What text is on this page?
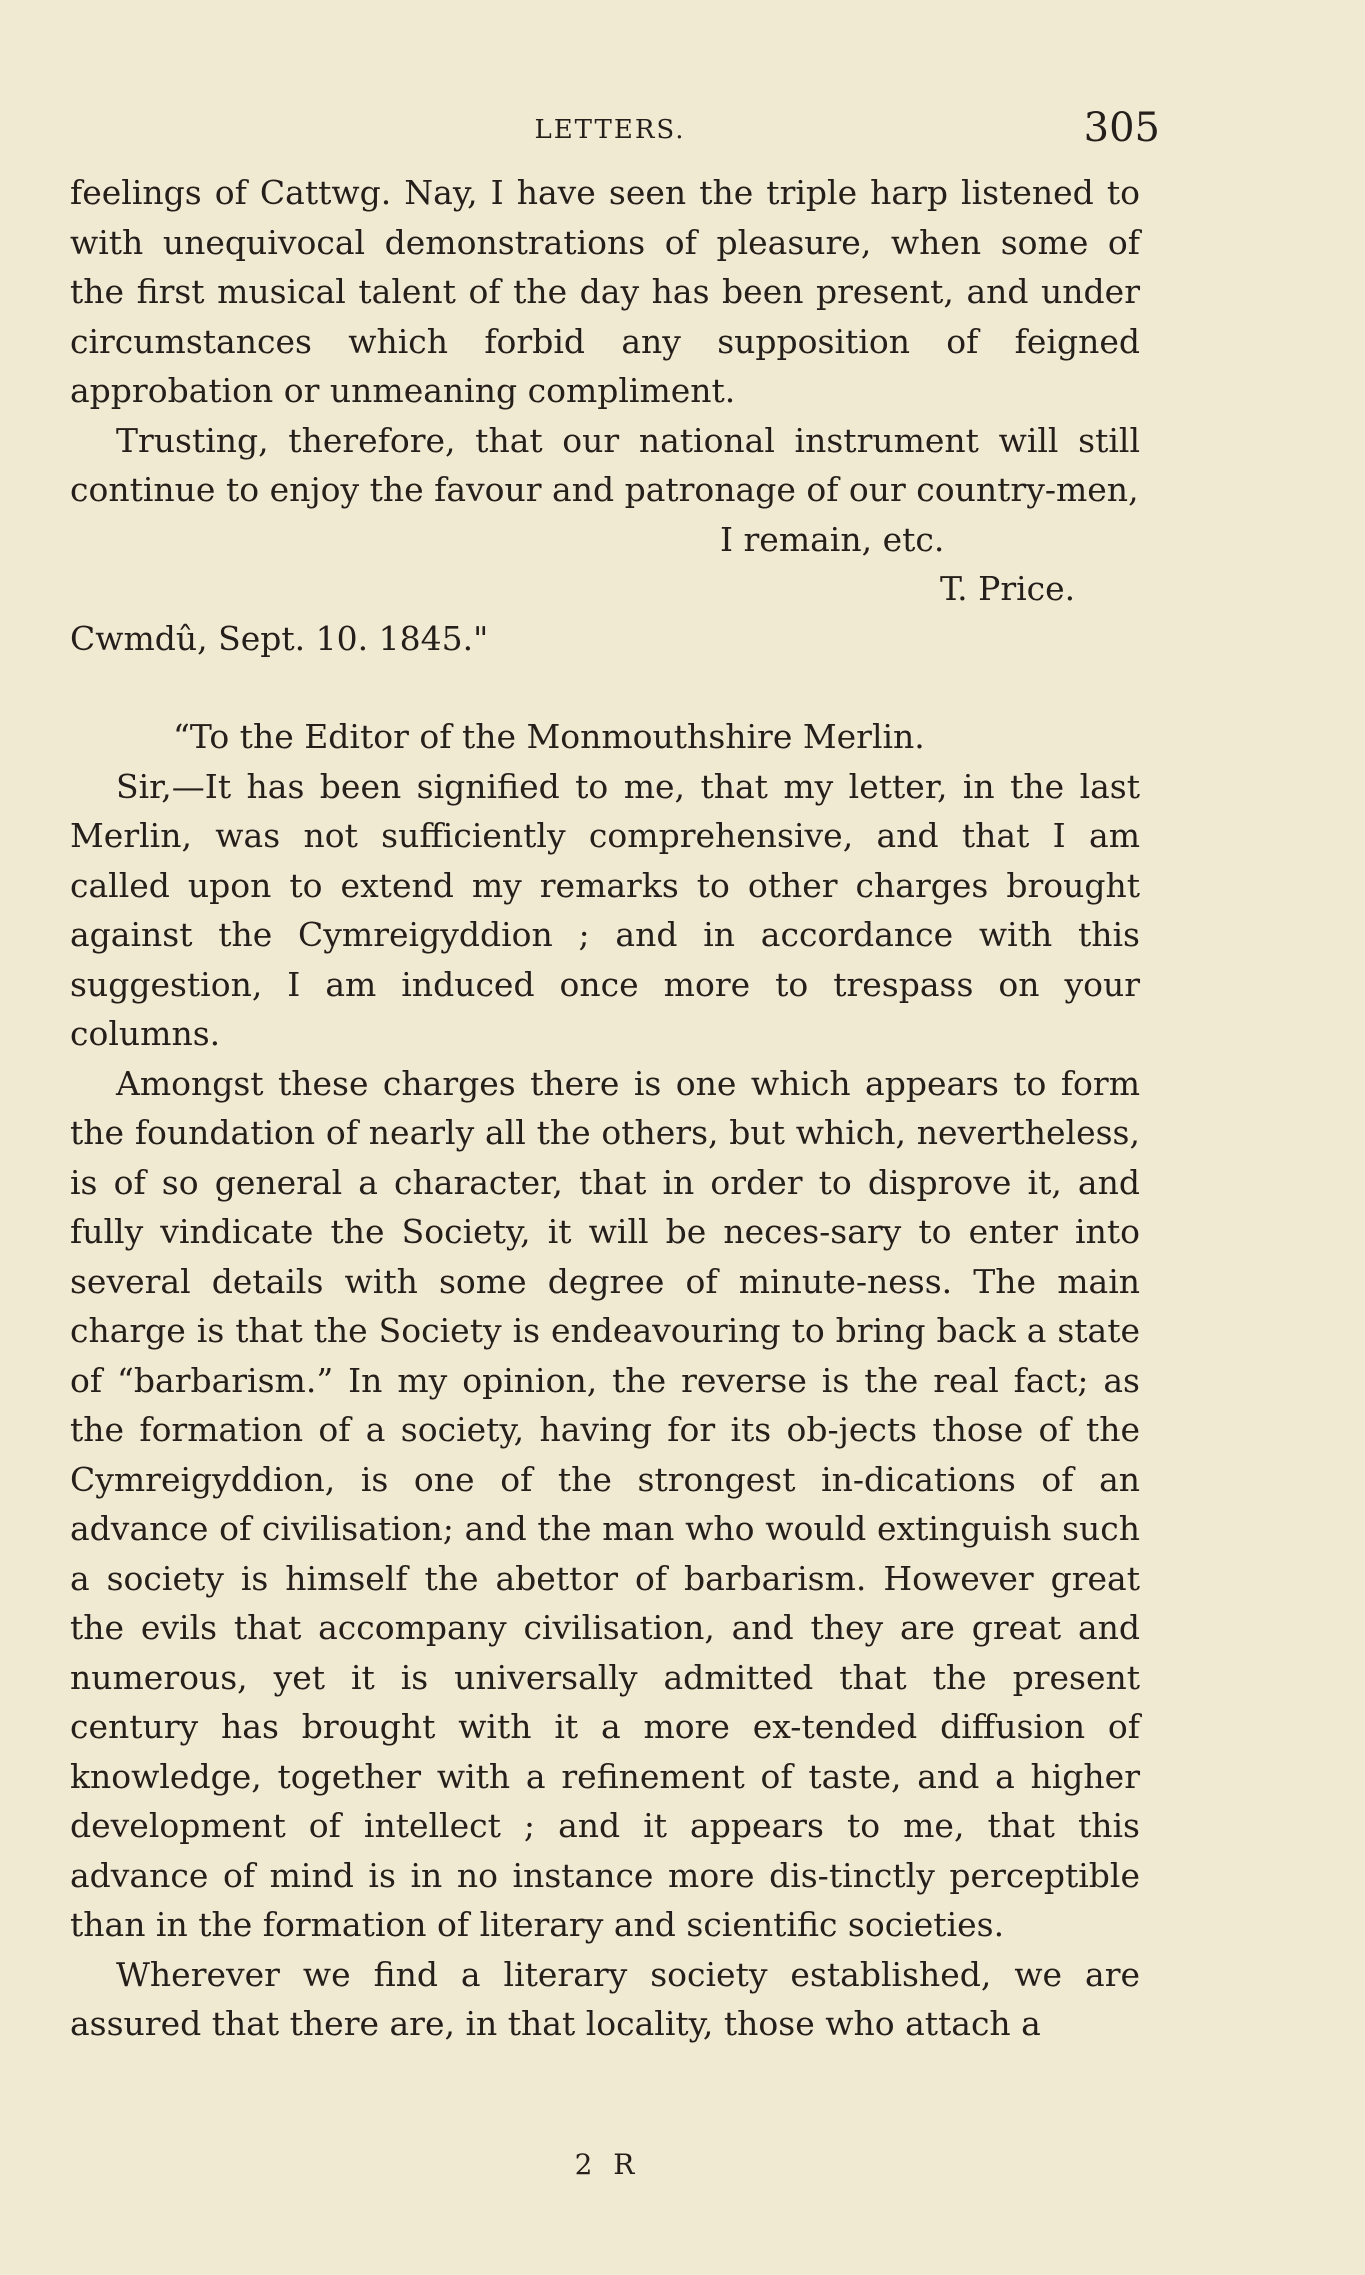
LETTERS.	305

feelings of Cattwg. Nay, I have seen the triple harp listened to with unequivocal demonstrations of pleasure, when some of the first musical talent of the day has been present, and under circumstances which forbid any supposition of feigned approbation or unmeaning compliment.

Trusting, therefore, that our national instrument will still continue to enjoy the favour and patronage of our country-men,

I remain, etc.

T. Price.

Cwmdû, Sept. 10. 1845."

“To the Editor of the Monmouthshire Merlin.

Sir,—It has been signified to me, that my letter, in the last Merlin, was not sufficiently comprehensive, and that I am called upon to extend my remarks to other charges brought against the Cymreigyddion ; and in accordance with this suggestion, I am induced once more to trespass on your columns.

Amongst these charges there is one which appears to form the foundation of nearly all the others, but which, nevertheless, is of so general a character, that in order to disprove it, and fully vindicate the Society, it will be neces-sary to enter into several details with some degree of minute-ness. The main charge is that the Society is endeavouring to bring back a state of “barbarism.” In my opinion, the reverse is the real fact; as the formation of a society, having for its ob-jects those of the Cymreigyddion, is one of the strongest in-dications of an advance of civilisation; and the man who would extinguish such a society is himself the abettor of barbarism. However great the evils that accompany civilisation, and they are great and numerous, yet it is universally admitted that the present century has brought with it a more ex-tended diffusion of knowledge, together with a refinement of taste, and a higher development of intellect ; and it appears to me, that this advance of mind is in no instance more dis-tinctly perceptible than in the formation of literary and scientific societies.

Wherever we find a literary society established, we are assured that there are, in that locality, those who attach a

2 R
